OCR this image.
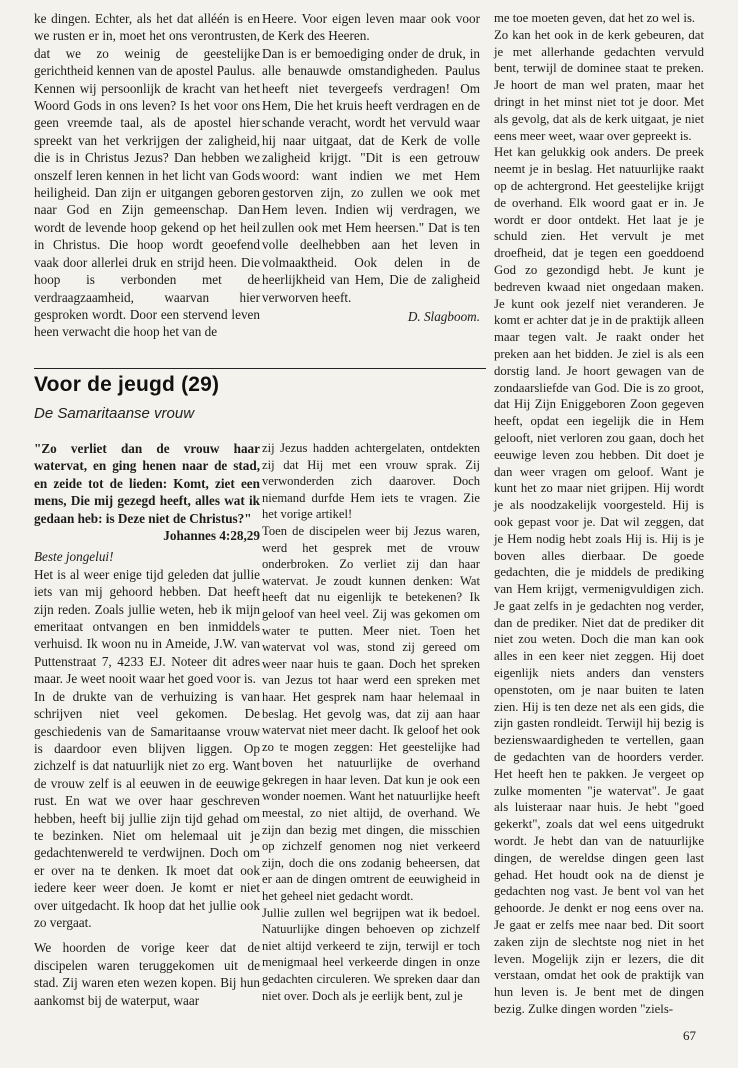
ke dingen. Echter, als het dat alléén is en we rusten er in, moet het ons verontrusten, dat we zo weinig de geestelijke gerichtheid kennen van de apostel Paulus.

Kennen wij persoonlijk de kracht van het Woord Gods in ons leven? Is het voor ons geen vreemde taal, als de apostel hier spreekt van het verkrijgen der zaligheid, die is in Christus Jezus? Dan hebben we onszelf leren kennen in het licht van Gods heiligheid. Dan zijn er uitgangen geboren naar God en Zijn gemeenschap. Dan wordt de levende hoop gekend op het heil in Christus. Die hoop wordt geoefend vaak door allerlei druk en strijd heen. Die hoop is verbonden met de verdraagzaamheid, waarvan hier gesproken wordt. Door een stervend leven heen verwacht die hoop het van de

Heere. Voor eigen leven maar ook voor de Kerk des Heeren.

Dan is er bemoediging onder de druk, in alle benauwde omstandigheden. Paulus heeft niet tevergeefs verdragen! Om Hem, Die het kruis heeft verdragen en de schande veracht, wordt het vervuld waar hij naar uitgaat, dat de Kerk de volle zaligheid krijgt. "Dit is een getrouw woord: want indien we met Hem gestorven zijn, zo zullen we ook met Hem leven. Indien wij verdragen, we zullen ook met Hem heersen." Dat is ten volle deelhebben aan het leven in volmaaktheid. Ook delen in de heerlijkheid van Hem, Die de zaligheid verworven heeft.

D. Slagboom.

Voor de jeugd (29)
De Samaritaanse vrouw

"Zo verliet dan de vrouw haar watervat, en ging henen naar de stad, en zeide tot de lieden: Komt, ziet een mens, Die mij gezegd heeft, alles wat ik gedaan heb: is Deze niet de Christus?"

Johannes 4:28,29

Beste jongelui!

Het is al weer enige tijd geleden dat jullie iets van mij gehoord hebben. Dat heeft zijn reden. Zoals jullie weten, heb ik mijn emeritaat ontvangen en ben inmiddels verhuisd. Ik woon nu in Ameide, J.W. van Puttenstraat 7, 4233 EJ. Noteer dit adres maar. Je weet nooit waar het goed voor is.

In de drukte van de verhuizing is van schrijven niet veel gekomen. De geschiedenis van de Samaritaanse vrouw is daardoor even blijven liggen. Op zichzelf is dat natuurlijk niet zo erg. Want de vrouw zelf is al eeuwen in de eeuwige rust. En wat we over haar geschreven hebben, heeft bij jullie zijn tijd gehad om te bezinken. Niet om helemaal uit je gedachtenwereld te verdwijnen. Doch om er over na te denken. Ik moet dat ook iedere keer weer doen. Je komt er niet over uitgedacht. Ik hoop dat het jullie ook zo vergaat.

We hoorden de vorige keer dat de discipelen waren teruggekomen uit de stad. Zij waren eten wezen kopen. Bij hun aankomst bij de waterput, waar

zij Jezus hadden achtergelaten, ontdekten zij dat Hij met een vrouw sprak. Zij verwonderden zich daarover. Doch niemand durfde Hem iets te vragen. Zie het vorige artikel!

Toen de discipelen weer bij Jezus waren, werd het gesprek met de vrouw onderbroken. Zo verliet zij dan haar watervat. Je zoudt kunnen denken: Wat heeft dat nu eigenlijk te betekenen? Ik geloof van heel veel. Zij was gekomen om water te putten. Meer niet. Toen het watervat vol was, stond zij gereed om weer naar huis te gaan. Doch het spreken van Jezus tot haar werd een spreken met haar. Het gesprek nam haar helemaal in beslag. Het gevolg was, dat zij aan haar watervat niet meer dacht. Ik geloof het ook zo te mogen zeggen: Het geestelijke had boven het natuurlijke de overhand gekregen in haar leven. Dat kun je ook een wonder noemen. Want het natuurlijke heeft meestal, zo niet altijd, de overhand. We zijn dan bezig met dingen, die misschien op zichzelf genomen nog niet verkeerd zijn, doch die ons zodanig beheersen, dat er aan de dingen omtrent de eeuwigheid in het geheel niet gedacht wordt.

Jullie zullen wel begrijpen wat ik bedoel. Natuurlijke dingen behoeven op zichzelf niet altijd verkeerd te zijn, terwijl er toch menigmaal heel verkeerde dingen in onze gedachten circuleren. We spreken daar dan niet over. Doch als je eerlijk bent, zul je

me toe moeten geven, dat het zo wel is.

Zo kan het ook in de kerk gebeuren, dat je met allerhande gedachten vervuld bent, terwijl de dominee staat te preken. Je hoort de man wel praten, maar het dringt in het minst niet tot je door. Met als gevolg, dat als de kerk uitgaat, je niet eens meer weet, waar over gepreekt is.

Het kan gelukkig ook anders. De preek neemt je in beslag. Het natuurlijke raakt op de achtergrond. Het geestelijke krijgt de overhand. Elk woord gaat er in. Je wordt er door ontdekt. Het laat je je schuld zien. Het vervult je met droefheid, dat je tegen een goeddoend God zo gezondigd hebt. Je kunt je bedreven kwaad niet ongedaan maken. Je kunt ook jezelf niet veranderen. Je komt er achter dat je in de praktijk alleen maar tegen valt. Je raakt onder het preken aan het bidden. Je ziel is als een dorstig land. Je hoort gewagen van de zondaarsliefde van God. Die is zo groot, dat Hij Zijn Eniggeboren Zoon gegeven heeft, opdat een iegelijk die in Hem gelooft, niet verloren zou gaan, doch het eeuwige leven zou hebben. Dit doet je dan weer vragen om geloof. Want je kunt het zo maar niet grijpen. Hij wordt je als noodzakelijk voorgesteld. Hij is ook gepast voor je. Dat wil zeggen, dat je Hem nodig hebt zoals Hij is. Hij is je boven alles dierbaar. De goede gedachten, die je middels de prediking van Hem krijgt, vermenigvuldigen zich. Je gaat zelfs in je gedachten nog verder, dan de prediker. Niet dat de prediker dit niet zou weten. Doch die man kan ook alles in een keer niet zeggen. Hij doet eigenlijk niets anders dan vensters openstoten, om je naar buiten te laten zien. Hij is ten deze net als een gids, die zijn gasten rondleidt. Terwijl hij bezig is bezienswaardigheden te vertellen, gaan de gedachten van de hoorders verder. Het heeft hen te pakken. Je vergeet op zulke momenten "je watervat". Je gaat als luisteraar naar huis. Je hebt "goed gekerkt", zoals dat wel eens uitgedrukt wordt. Je hebt dan van de natuurlijke dingen, de wereldse dingen geen last gehad. Het houdt ook na de dienst je gedachten nog vast. Je bent vol van het gehoorde. Je denkt er nog eens over na. Je gaat er zelfs mee naar bed. Dit soort zaken zijn de slechtste nog niet in het leven. Mogelijk zijn er lezers, die dit verstaan, omdat het ook de praktijk van hun leven is. Je bent met de dingen bezig. Zulke dingen worden "ziels-

67
